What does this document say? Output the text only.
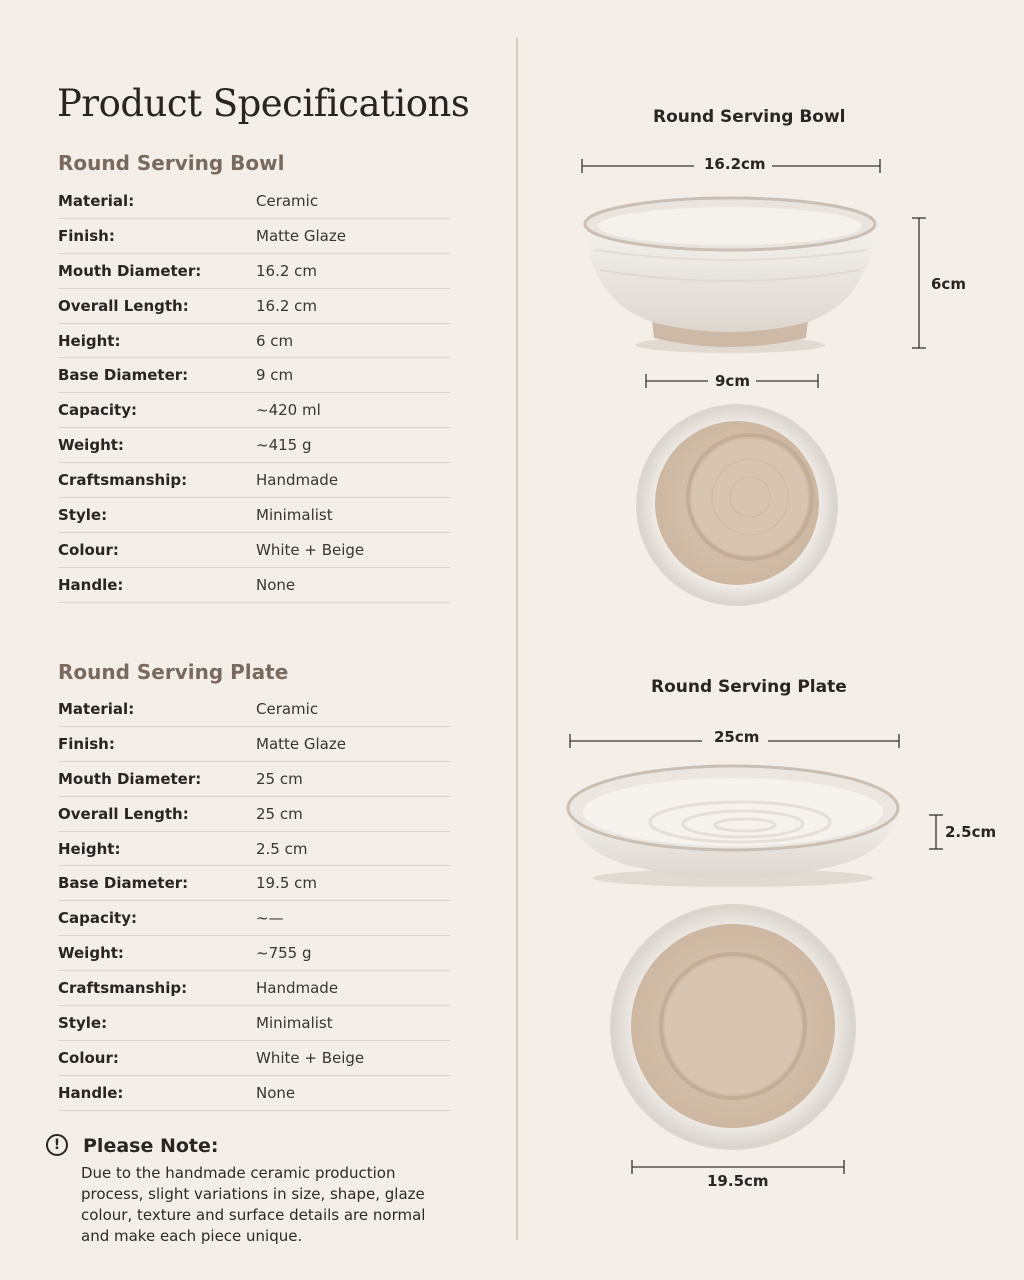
Product Specifications
Round Serving Bowl
Material:	Ceramic
Finish:	Matte Glaze
Mouth Diameter:	16.2 cm
Overall Length:	16.2 cm
Height:	6 cm
Base Diameter:	9 cm
Capacity:	~420 ml
Weight:	~415 g
Craftsmanship:	Handmade
Style:	Minimalist
Colour:	White + Beige
Handle:	None
Round Serving Plate
Material:	Ceramic
Finish:	Matte Glaze
Mouth Diameter:	25 cm
Overall Length:	25 cm
Height:	2.5 cm
Base Diameter:	19.5 cm
Capacity:	~—
Weight:	~755 g
Craftsmanship:	Handmade
Style:	Minimalist
Colour:	White + Beige
Handle:	None
!	Please Note:
Due to the handmade ceramic production process, slight variations in size, shape, glaze colour, texture and surface details are normal and make each piece unique.
Round Serving Bowl
16.2cm
6cm
9cm
Round Serving Plate
25cm
2.5cm
19.5cm
